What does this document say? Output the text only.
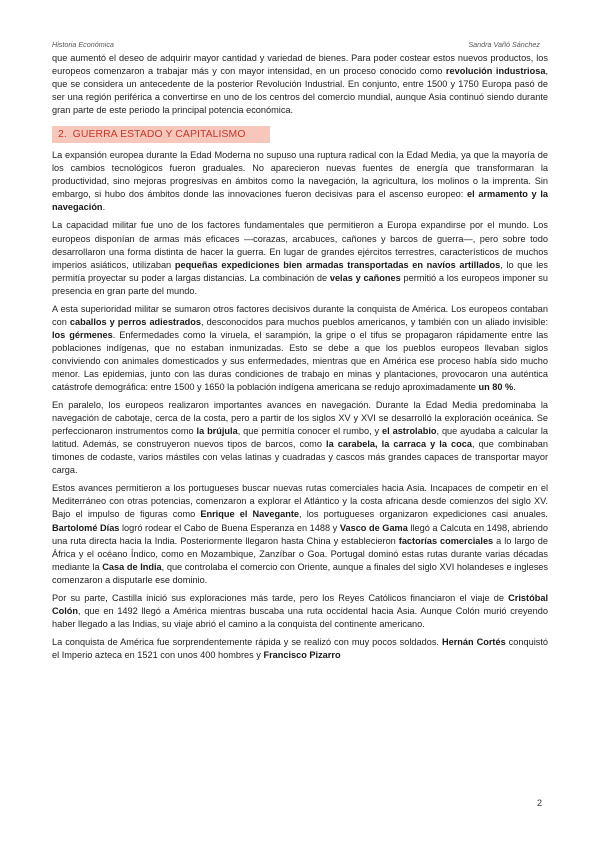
Historia Económica	Sandra Vañó Sánchez

que aumentó el deseo de adquirir mayor cantidad y variedad de bienes. Para poder costear estos nuevos productos, los europeos comenzaron a trabajar más y con mayor intensidad, en un proceso conocido como revolución industriosa, que se considera un antecedente de la posterior Revolución Industrial. En conjunto, entre 1500 y 1750 Europa pasó de ser una región periférica a convertirse en uno de los centros del comercio mundial, aunque Asia continuó siendo durante gran parte de este periodo la principal potencia económica.

2. GUERRA ESTADO Y CAPITALISMO

La expansión europea durante la Edad Moderna no supuso una ruptura radical con la Edad Media, ya que la mayoría de los cambios tecnológicos fueron graduales. No aparecieron nuevas fuentes de energía que transformaran la productividad, sino mejoras progresivas en ámbitos como la navegación, la agricultura, los molinos o la imprenta. Sin embargo, si hubo dos ámbitos donde las innovaciones fueron decisivas para el ascenso europeo: el armamento y la navegación.

La capacidad militar fue uno de los factores fundamentales que permitieron a Europa expandirse por el mundo. Los europeos disponían de armas más eficaces —corazas, arcabuces, cañones y barcos de guerra—, pero sobre todo desarrollaron una forma distinta de hacer la guerra. En lugar de grandes ejércitos terrestres, característicos de muchos imperios asiáticos, utilizaban pequeñas expediciones bien armadas transportadas en navíos artillados, lo que les permitía proyectar su poder a largas distancias. La combinación de velas y cañones permitió a los europeos imponer su presencia en gran parte del mundo.

A esta superioridad militar se sumaron otros factores decisivos durante la conquista de América. Los europeos contaban con caballos y perros adiestrados, desconocidos para muchos pueblos americanos, y también con un aliado invisible: los gérmenes. Enfermedades como la viruela, el sarampión, la gripe o el tifus se propagaron rápidamente entre las poblaciones indígenas, que no estaban inmunizadas. Esto se debe a que los pueblos europeos llevaban siglos conviviendo con animales domesticados y sus enfermedades, mientras que en América ese proceso había sido mucho menor. Las epidemias, junto con las duras condiciones de trabajo en minas y plantaciones, provocaron una auténtica catástrofe demográfica: entre 1500 y 1650 la población indígena americana se redujo aproximadamente un 80 %.

En paralelo, los europeos realizaron importantes avances en navegación. Durante la Edad Media predominaba la navegación de cabotaje, cerca de la costa, pero a partir de los siglos XV y XVI se desarrolló la exploración oceánica. Se perfeccionaron instrumentos como la brújula, que permitía conocer el rumbo, y el astrolabio, que ayudaba a calcular la latitud. Además, se construyeron nuevos tipos de barcos, como la carabela, la carraca y la coca, que combinaban timones de codaste, varios mástiles con velas latinas y cuadradas y cascos más grandes capaces de transportar mayor carga.

Estos avances permitieron a los portugueses buscar nuevas rutas comerciales hacia Asia. Incapaces de competir en el Mediterráneo con otras potencias, comenzaron a explorar el Atlántico y la costa africana desde comienzos del siglo XV. Bajo el impulso de figuras como Enrique el Navegante, los portugueses organizaron expediciones casi anuales. Bartolomé Días logró rodear el Cabo de Buena Esperanza en 1488 y Vasco de Gama llegó a Calcuta en 1498, abriendo una ruta directa hacia la India. Posteriormente llegaron hasta China y establecieron factorías comerciales a lo largo de África y el océano Índico, como en Mozambique, Zanzíbar o Goa. Portugal dominó estas rutas durante varias décadas mediante la Casa de India, que controlaba el comercio con Oriente, aunque a finales del siglo XVI holandeses e ingleses comenzaron a disputarle ese dominio.

Por su parte, Castilla inició sus exploraciones más tarde, pero los Reyes Católicos financiaron el viaje de Cristóbal Colón, que en 1492 llegó a América mientras buscaba una ruta occidental hacia Asia. Aunque Colón murió creyendo haber llegado a las Indias, su viaje abrió el camino a la conquista del continente americano.

La conquista de América fue sorprendentemente rápida y se realizó con muy pocos soldados. Hernán Cortés conquistó el Imperio azteca en 1521 con unos 400 hombres y Francisco Pizarro

2
